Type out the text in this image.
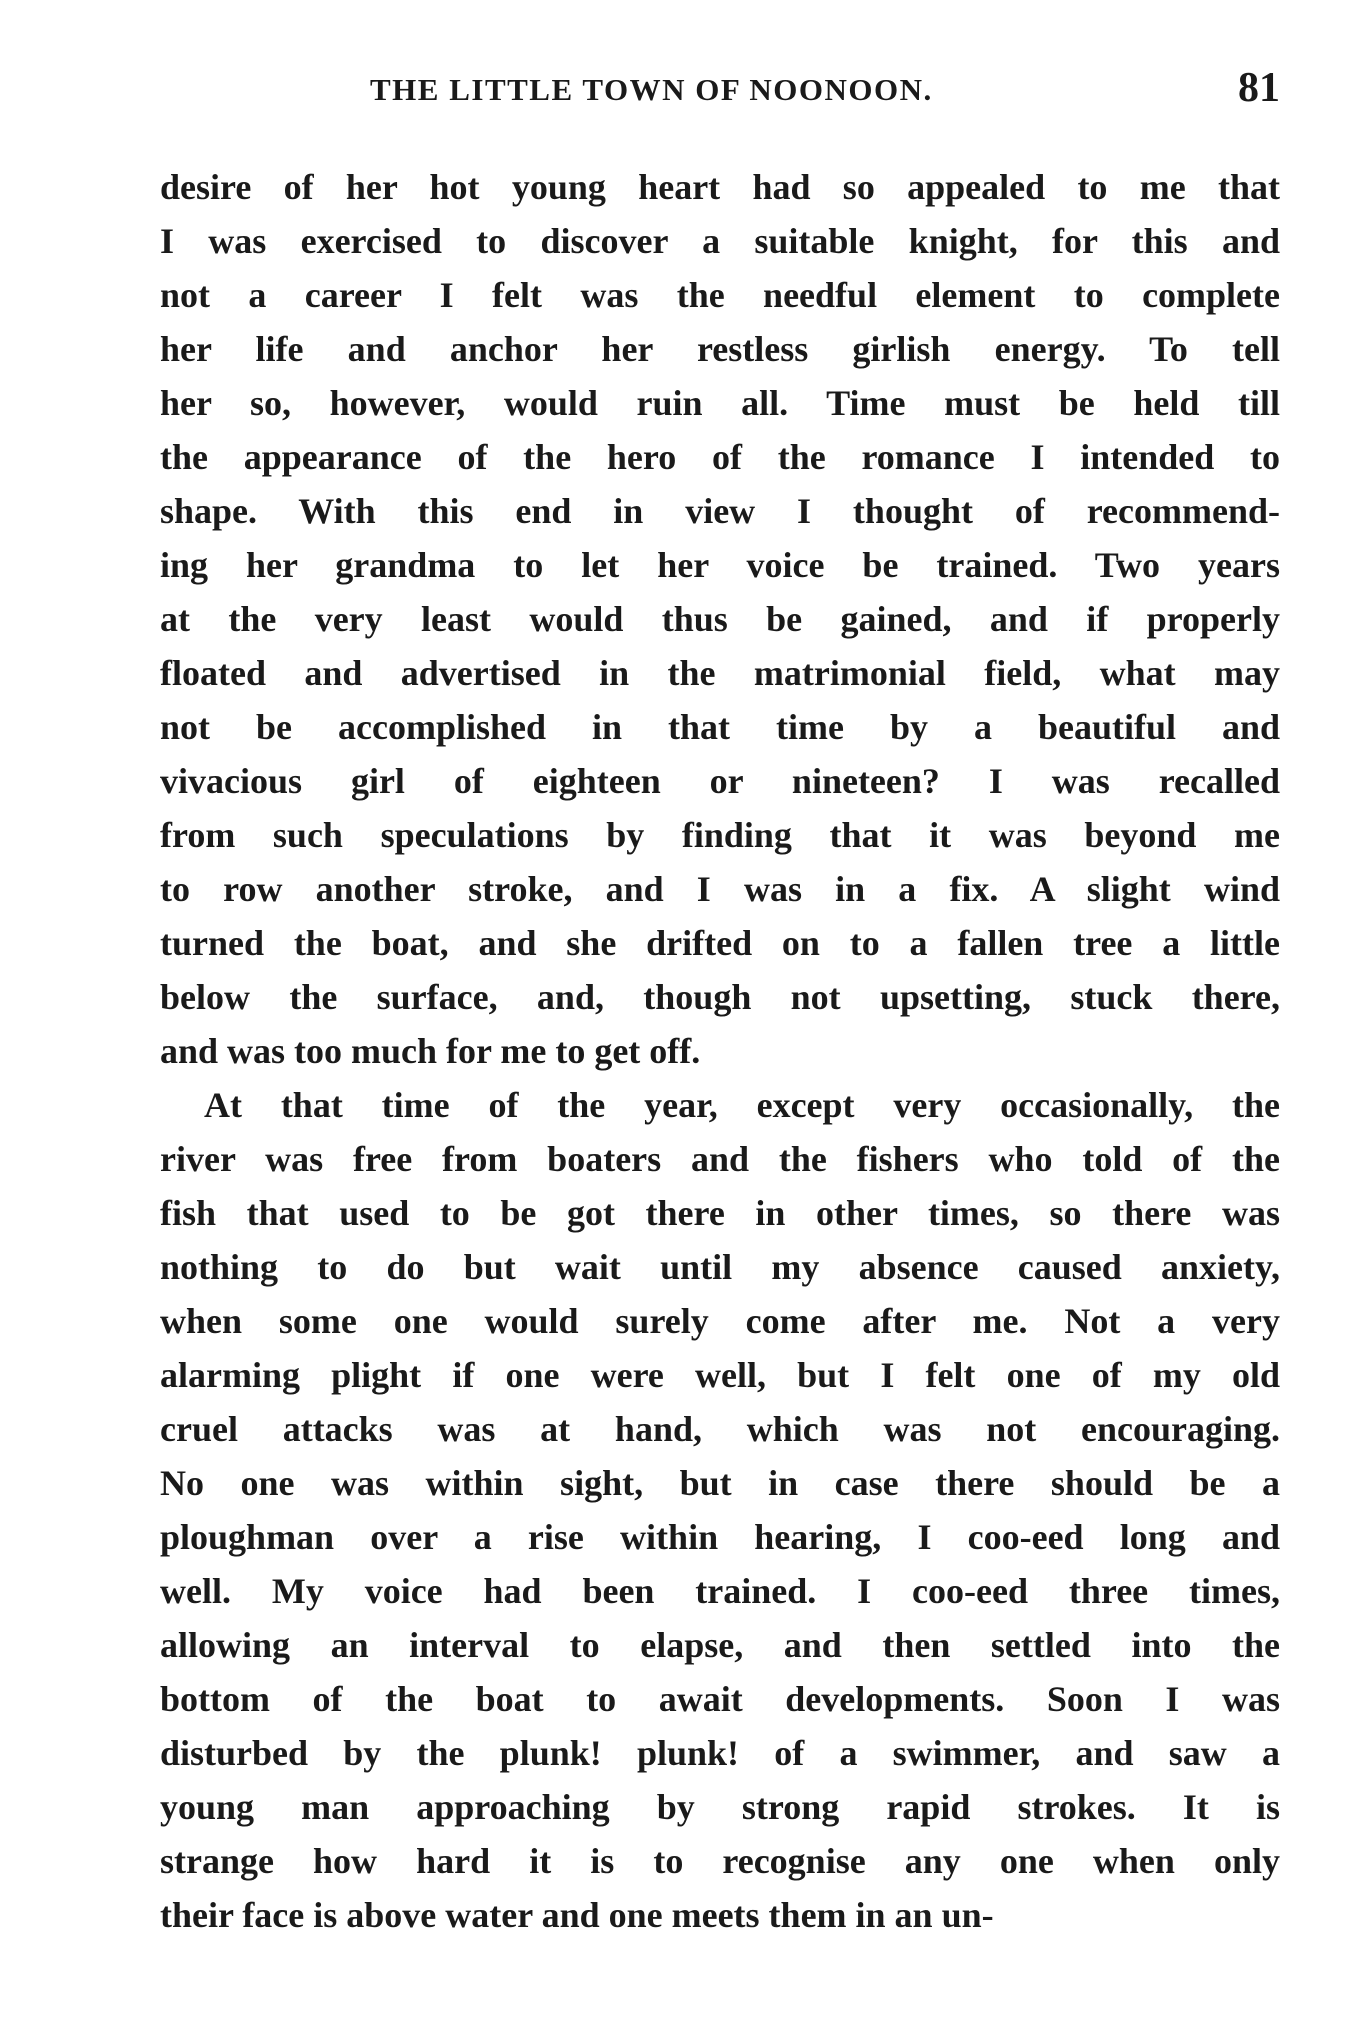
THE LITTLE TOWN OF NOONOON.	81
desire of her hot young heart had so appealed to me that
I was exercised to discover a suitable knight, for this and
not a career I felt was the needful element to complete
her life and anchor her restless girlish energy. To tell
her so, however, would ruin all. Time must be held till
the appearance of the hero of the romance I intended to
shape. With this end in view I thought of recommend-
ing her grandma to let her voice be trained. Two years
at the very least would thus be gained, and if properly
floated and advertised in the matrimonial field, what may
not be accomplished in that time by a beautiful and
vivacious girl of eighteen or nineteen? I was recalled
from such speculations by finding that it was beyond me
to row another stroke, and I was in a fix. A slight wind
turned the boat, and she drifted on to a fallen tree a little
below the surface, and, though not upsetting, stuck there,
and was too much for me to get off.
At that time of the year, except very occasionally, the
river was free from boaters and the fishers who told of the
fish that used to be got there in other times, so there was
nothing to do but wait until my absence caused anxiety,
when some one would surely come after me. Not a very
alarming plight if one were well, but I felt one of my old
cruel attacks was at hand, which was not encouraging.
No one was within sight, but in case there should be a
ploughman over a rise within hearing, I coo-eed long and
well. My voice had been trained. I coo-eed three times,
allowing an interval to elapse, and then settled into the
bottom of the boat to await developments. Soon I was
disturbed by the plunk! plunk! of a swimmer, and saw a
young man approaching by strong rapid strokes. It is
strange how hard it is to recognise any one when only
their face is above water and one meets them in an un-
